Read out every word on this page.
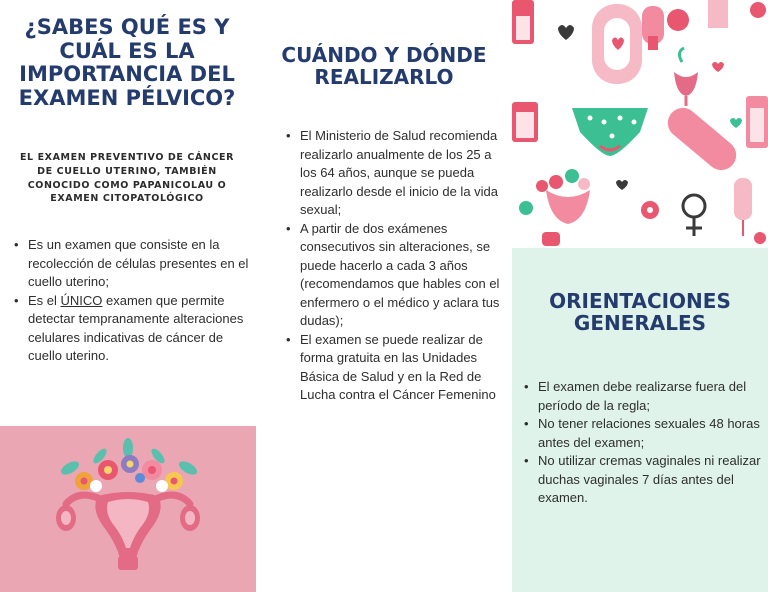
¿SABES QUÉ ES Y CUÁL ES LA IMPORTANCIA DEL EXAMEN PÉLVICO?

EL EXAMEN PREVENTIVO DE CÁNCER DE CUELLO UTERINO, TAMBIÉN CONOCIDO COMO PAPANICOLAU O EXAMEN CITOPATOLÓGICO

• Es un examen que consiste en la recolección de células presentes en el cuello uterino;
• Es el ÚNICO examen que permite detectar tempranamente alteraciones celulares indicativas de cáncer de cuello uterino.
CUÁNDO Y DÓNDE REALIZARLO
• El Ministerio de Salud recomienda realizarlo anualmente de los 25 a los 64 años, aunque se pueda realizarlo desde el inicio de la vida sexual;
• A partir de dos exámenes consecutivos sin alteraciones, se puede hacerlo a cada 3 años (recomendamos que hables con el enfermero o el médico y aclara tus dudas);
• El examen se puede realizar de forma gratuita en las Unidades Básica de Salud y en la Red de Lucha contra el Cáncer Femenino
ORIENTACIONES GENERALES
• El examen debe realizarse fuera del período de la regla;
• No tener relaciones sexuales 48 horas antes del examen;
• No utilizar cremas vaginales ni realizar duchas vaginales 7 días antes del examen.
